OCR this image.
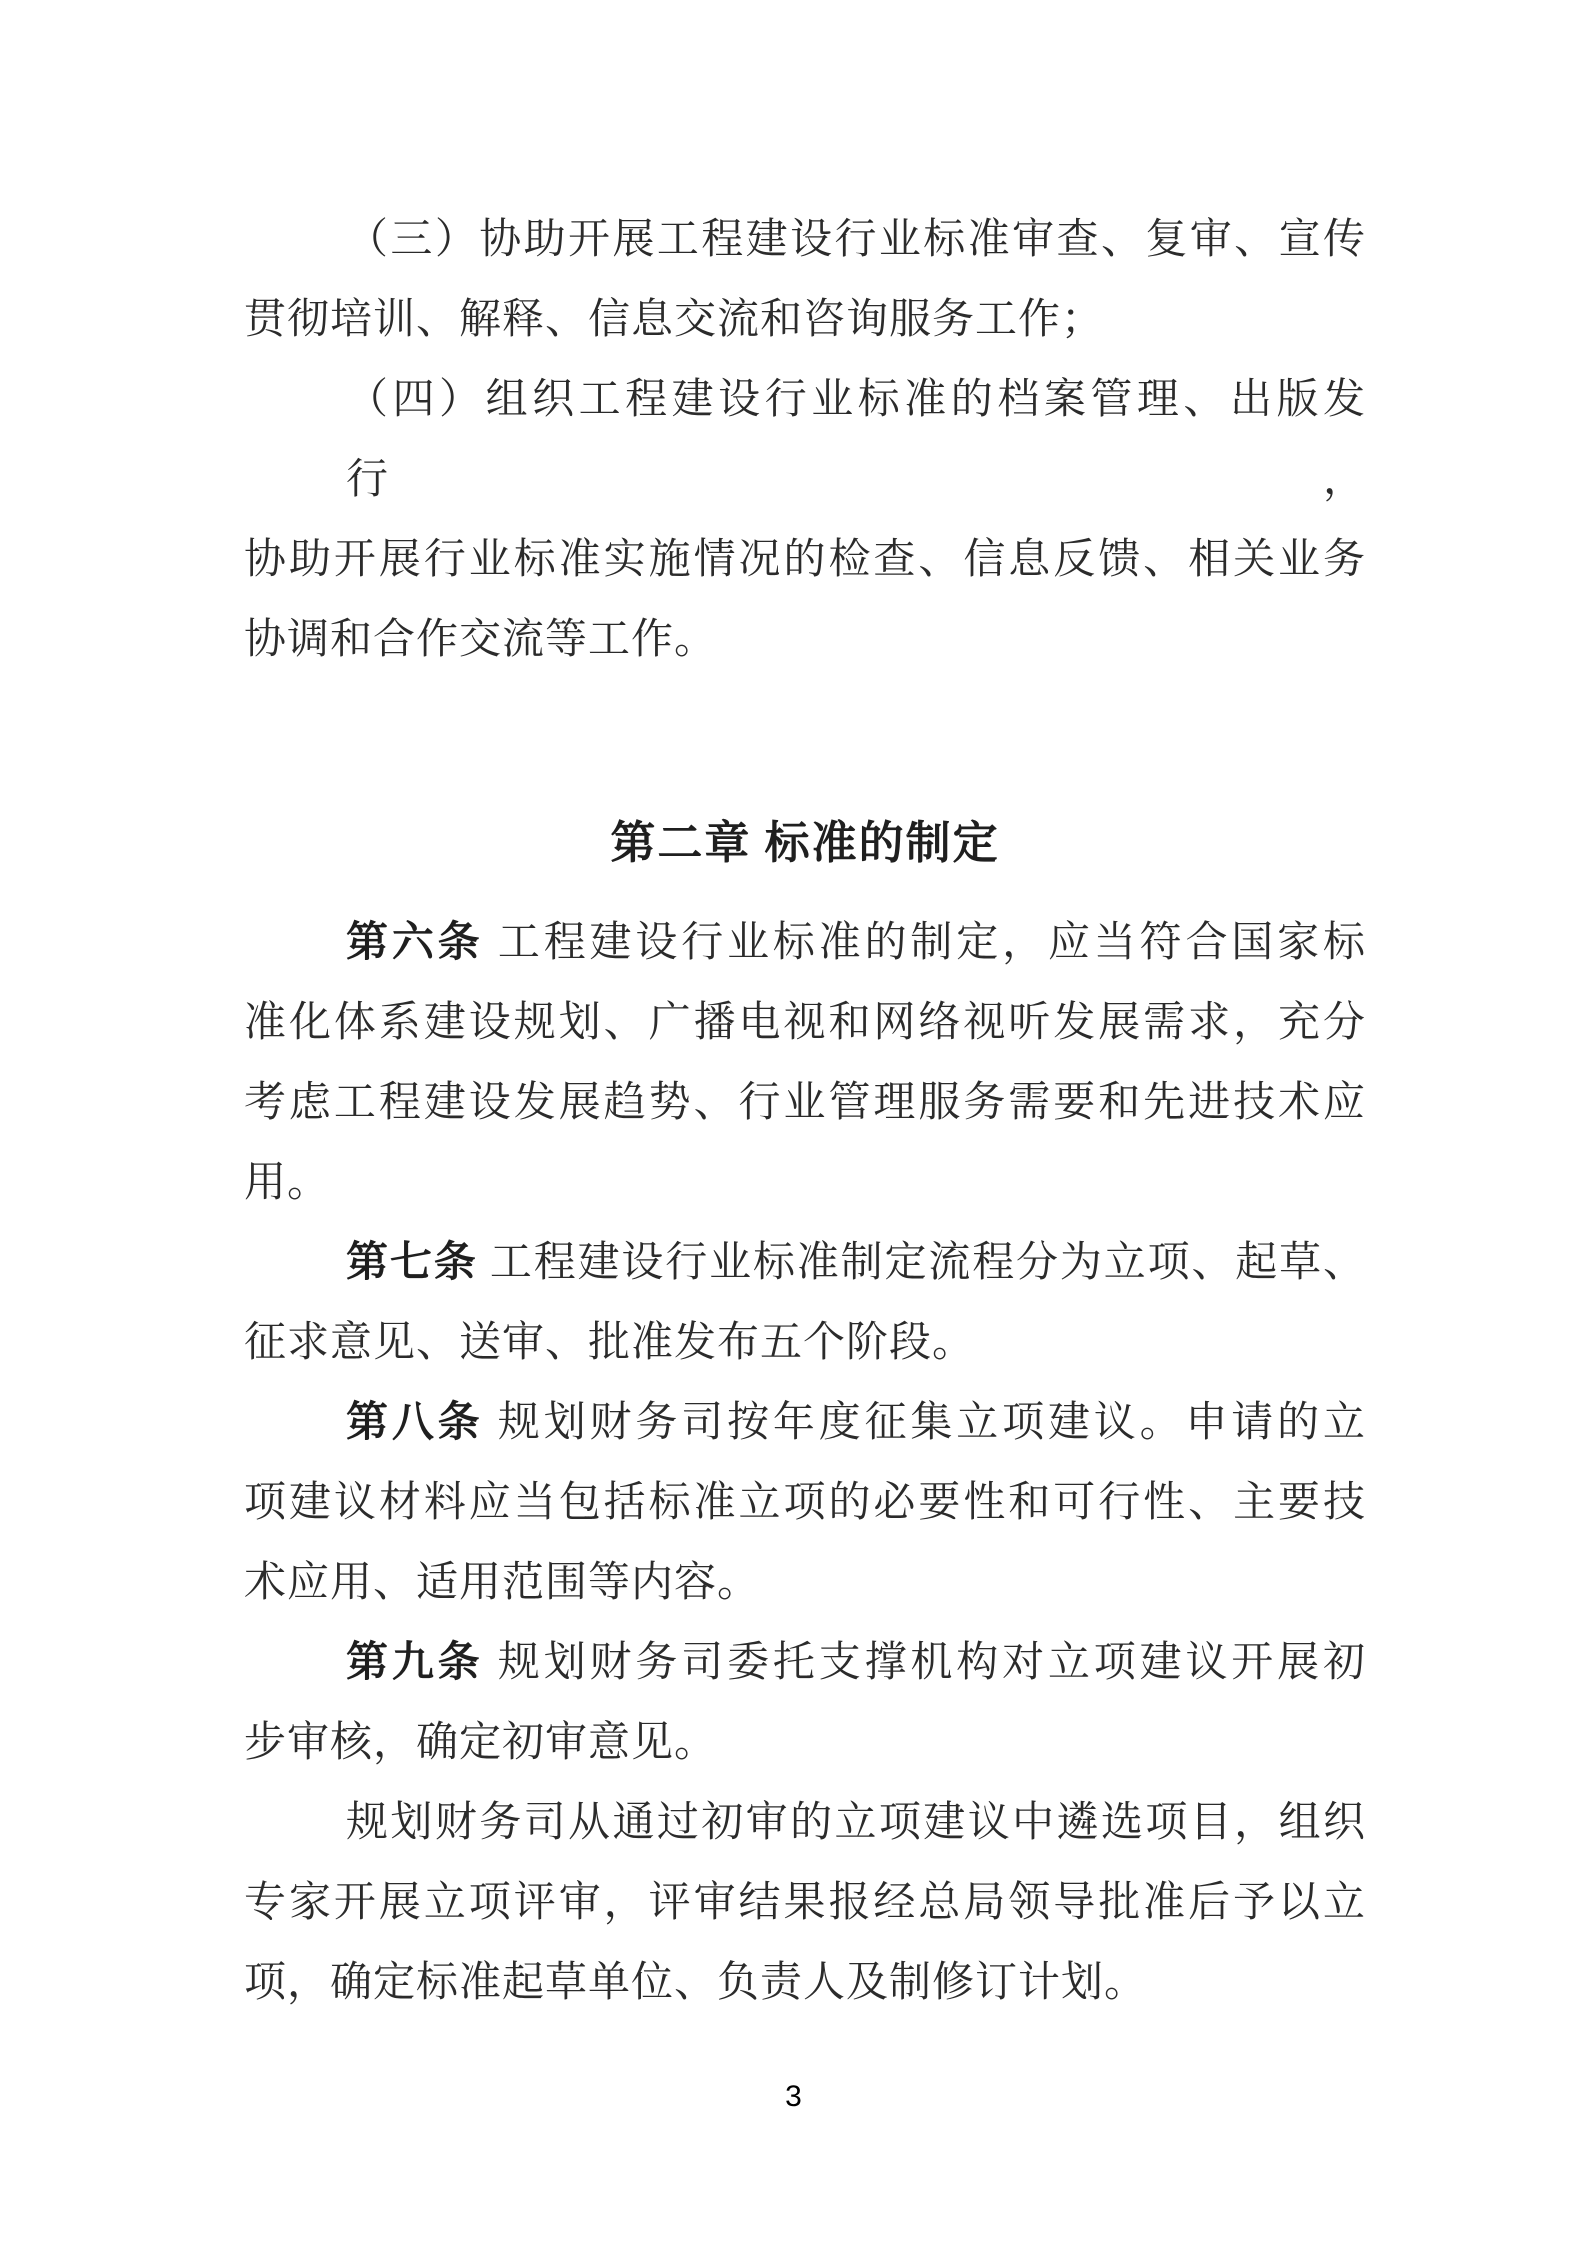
（三）协助开展工程建设行业标准审查、复审、宣传
贯彻培训、解释、信息交流和咨询服务工作；
（四）组织工程建设行业标准的档案管理、出版发行，
协助开展行业标准实施情况的检查、信息反馈、相关业务
协调和合作交流等工作。
第二章 标准的制定
第六条 工程建设行业标准的制定，应当符合国家标
准化体系建设规划、广播电视和网络视听发展需求，充分
考虑工程建设发展趋势、行业管理服务需要和先进技术应
用。
第七条 工程建设行业标准制定流程分为立项、起草、
征求意见、送审、批准发布五个阶段。
第八条 规划财务司按年度征集立项建议。申请的立
项建议材料应当包括标准立项的必要性和可行性、主要技
术应用、适用范围等内容。
第九条 规划财务司委托支撑机构对立项建议开展初
步审核，确定初审意见。
规划财务司从通过初审的立项建议中遴选项目，组织
专家开展立项评审，评审结果报经总局领导批准后予以立
项，确定标准起草单位、负责人及制修订计划。
3
